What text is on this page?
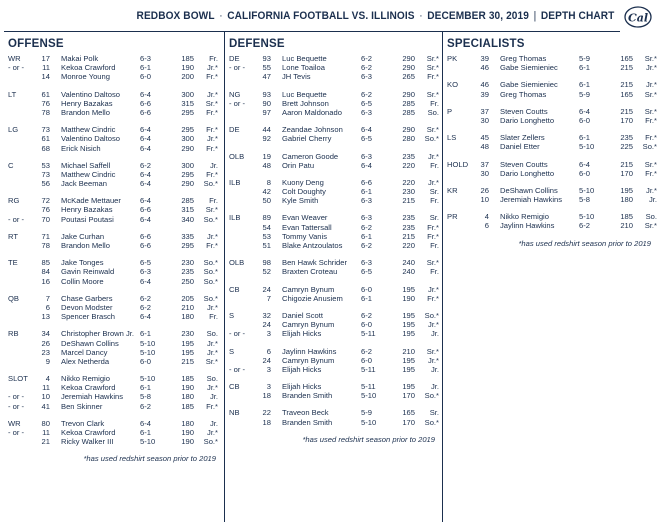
REDBOX BOWL · CALIFORNIA FOOTBALL VS. ILLINOIS · DECEMBER 30, 2019 | DEPTH CHART Cal
OFFENSE
WR	17 Makai Polk	6-3	185	Fr.
- or -	11 Kekoa Crawford	6-1	190	Jr.*
14 Monroe Young	6-0	200	Fr.*
LT	61 Valentino Daltoso	6-4	300	Jr.*
76 Henry Bazakas	6-6	315	Sr.*
78 Brandon Mello	6-6	295	Fr.*
LG	73 Matthew Cindric	6-4	295	Fr.*
61 Valentino Daltoso	6-4	300	Jr.*
68 Erick Nisich	6-4	290	Fr.*
C	53 Michael Saffell	6-2	300	Jr.
73 Matthew Cindric	6-4	295	Fr.*
56 Jack Beeman	6-4	290	So.*
RG	72 McKade Mettauer	6-4	285	Fr.
76 Henry Bazakas	6-6	315	Sr.*
- or -	70 Poutasi Poutasi	6-4	340	So.*
RT	71 Jake Curhan	6-6	335	Jr.*
78 Brandon Mello	6-6	295	Fr.*
TE	85 Jake Tonges	6-5	230	So.*
84 Gavin Reinwald	6-3	235	So.*
16 Collin Moore	6-4	250	So.*
QB	7 Chase Garbers	6-2	205	So.*
6 Devon Modster	6-2	210	Jr.*
13 Spencer Brasch	6-4	180	Fr.
RB	34 Christopher Brown Jr. 6-1	230	So.
26 DeShawn Collins	5-10	195	Jr.*
23 Marcel Dancy	5-10	195	Jr.*
9 Alex Netherda	6-0	215	Sr.*
SLOT	4 Nikko Remigio	5-10	185	So.
11 Kekoa Crawford	6-1	190	Jr.*
- or -	10 Jeremiah Hawkins 5-8	180	Jr.
- or -	41 Ben Skinner	6-2	185	Fr.*
WR	80 Trevon Clark	6-4	180	Jr.
- or -	11 Kekoa Crawford	6-1	190	Jr.*
21 Ricky Walker III	5-10	190	So.*
*has used redshirt season prior to 2019
DEFENSE
DE	93 Luc Bequette	6-2	290	Sr.*
- or -	55 Lone Toailoa	6-2	290	Sr.*
47 JH Tevis	6-3	265	Fr.*
NG	93 Luc Bequette	6-2	290	Sr.*
- or -	90 Brett Johnson	6-5	285	Fr.
97 Aaron Maldonado	6-3	285	So.
DE	44 Zeandae Johnson 6-4	290	Sr.*
92 Gabriel Cherry	6-5	280	So.*
OLB	19 Cameron Goode	6-3	235	Jr.*
48 Orin Patu	6-4	220	Fr.
ILB	8 Kuony Deng	6-6	220	Jr.*
42 Colt Doughty	6-1	230	Sr.
50 Kyle Smith	6-3	215	Fr.
ILB	89 Evan Weaver	6-3	235	Sr.
54 Evan Tattersall	6-2	235	Fr.*
53 Tommy Vanis	6-1	215	Fr.*
51 Blake Antzoulatos 6-2	220	Fr.
OLB	98 Ben Hawk Schrider 6-3	240	Sr.*
52 Braxten Croteau	6-5	240	Fr.
CB	24 Camryn Bynum	6-0	195	Jr.*
7 Chigozie Anusiem 6-1	190	Fr.*
S	32 Daniel Scott	6-2	195	So.*
24 Camryn Bynum	6-0	195	Jr.*
- or -	3 Elijah Hicks	5-11	195	Jr.
S	6 Jaylinn Hawkins	6-2	210	Sr.*
24 Camryn Bynum	6-0	195	Jr.*
- or -	3 Elijah Hicks	5-11	195	Jr.
CB	3 Elijah Hicks	5-11	195	Jr.
18 Branden Smith	5-10	170	So.*
NB	22 Traveon Beck	5-9	165	Sr.
18 Branden Smith	5-10	170	So.*
*has used redshirt season prior to 2019
SPECIALISTS
PK	39 Greg Thomas	5-9	165	Sr.*
46 Gabe Siemieniec	6-1	215	Jr.*
KO	46 Gabe Siemieniec	6-1	215	Jr.*
39 Greg Thomas	5-9	165	Sr.*
P	37 Steven Coutts	6-4	215	Sr.*
30 Dario Longhetto	6-0	170	Fr.*
LS	45 Slater Zellers	6-1	235	Fr.*
48 Daniel Etter	5-10	225	So.*
HOLD	37 Steven Coutts	6-4	215	Sr.*
30 Dario Longhetto	6-0	170	Fr.*
KR	26 DeShawn Collins	5-10	195	Jr.*
10 Jeremiah Hawkins 5-8	180	Jr.
PR	4 Nikko Remigio	5-10	185	So.
6 Jaylinn Hawkins	6-2	210	Sr.*
*has used redshirt season prior to 2019
